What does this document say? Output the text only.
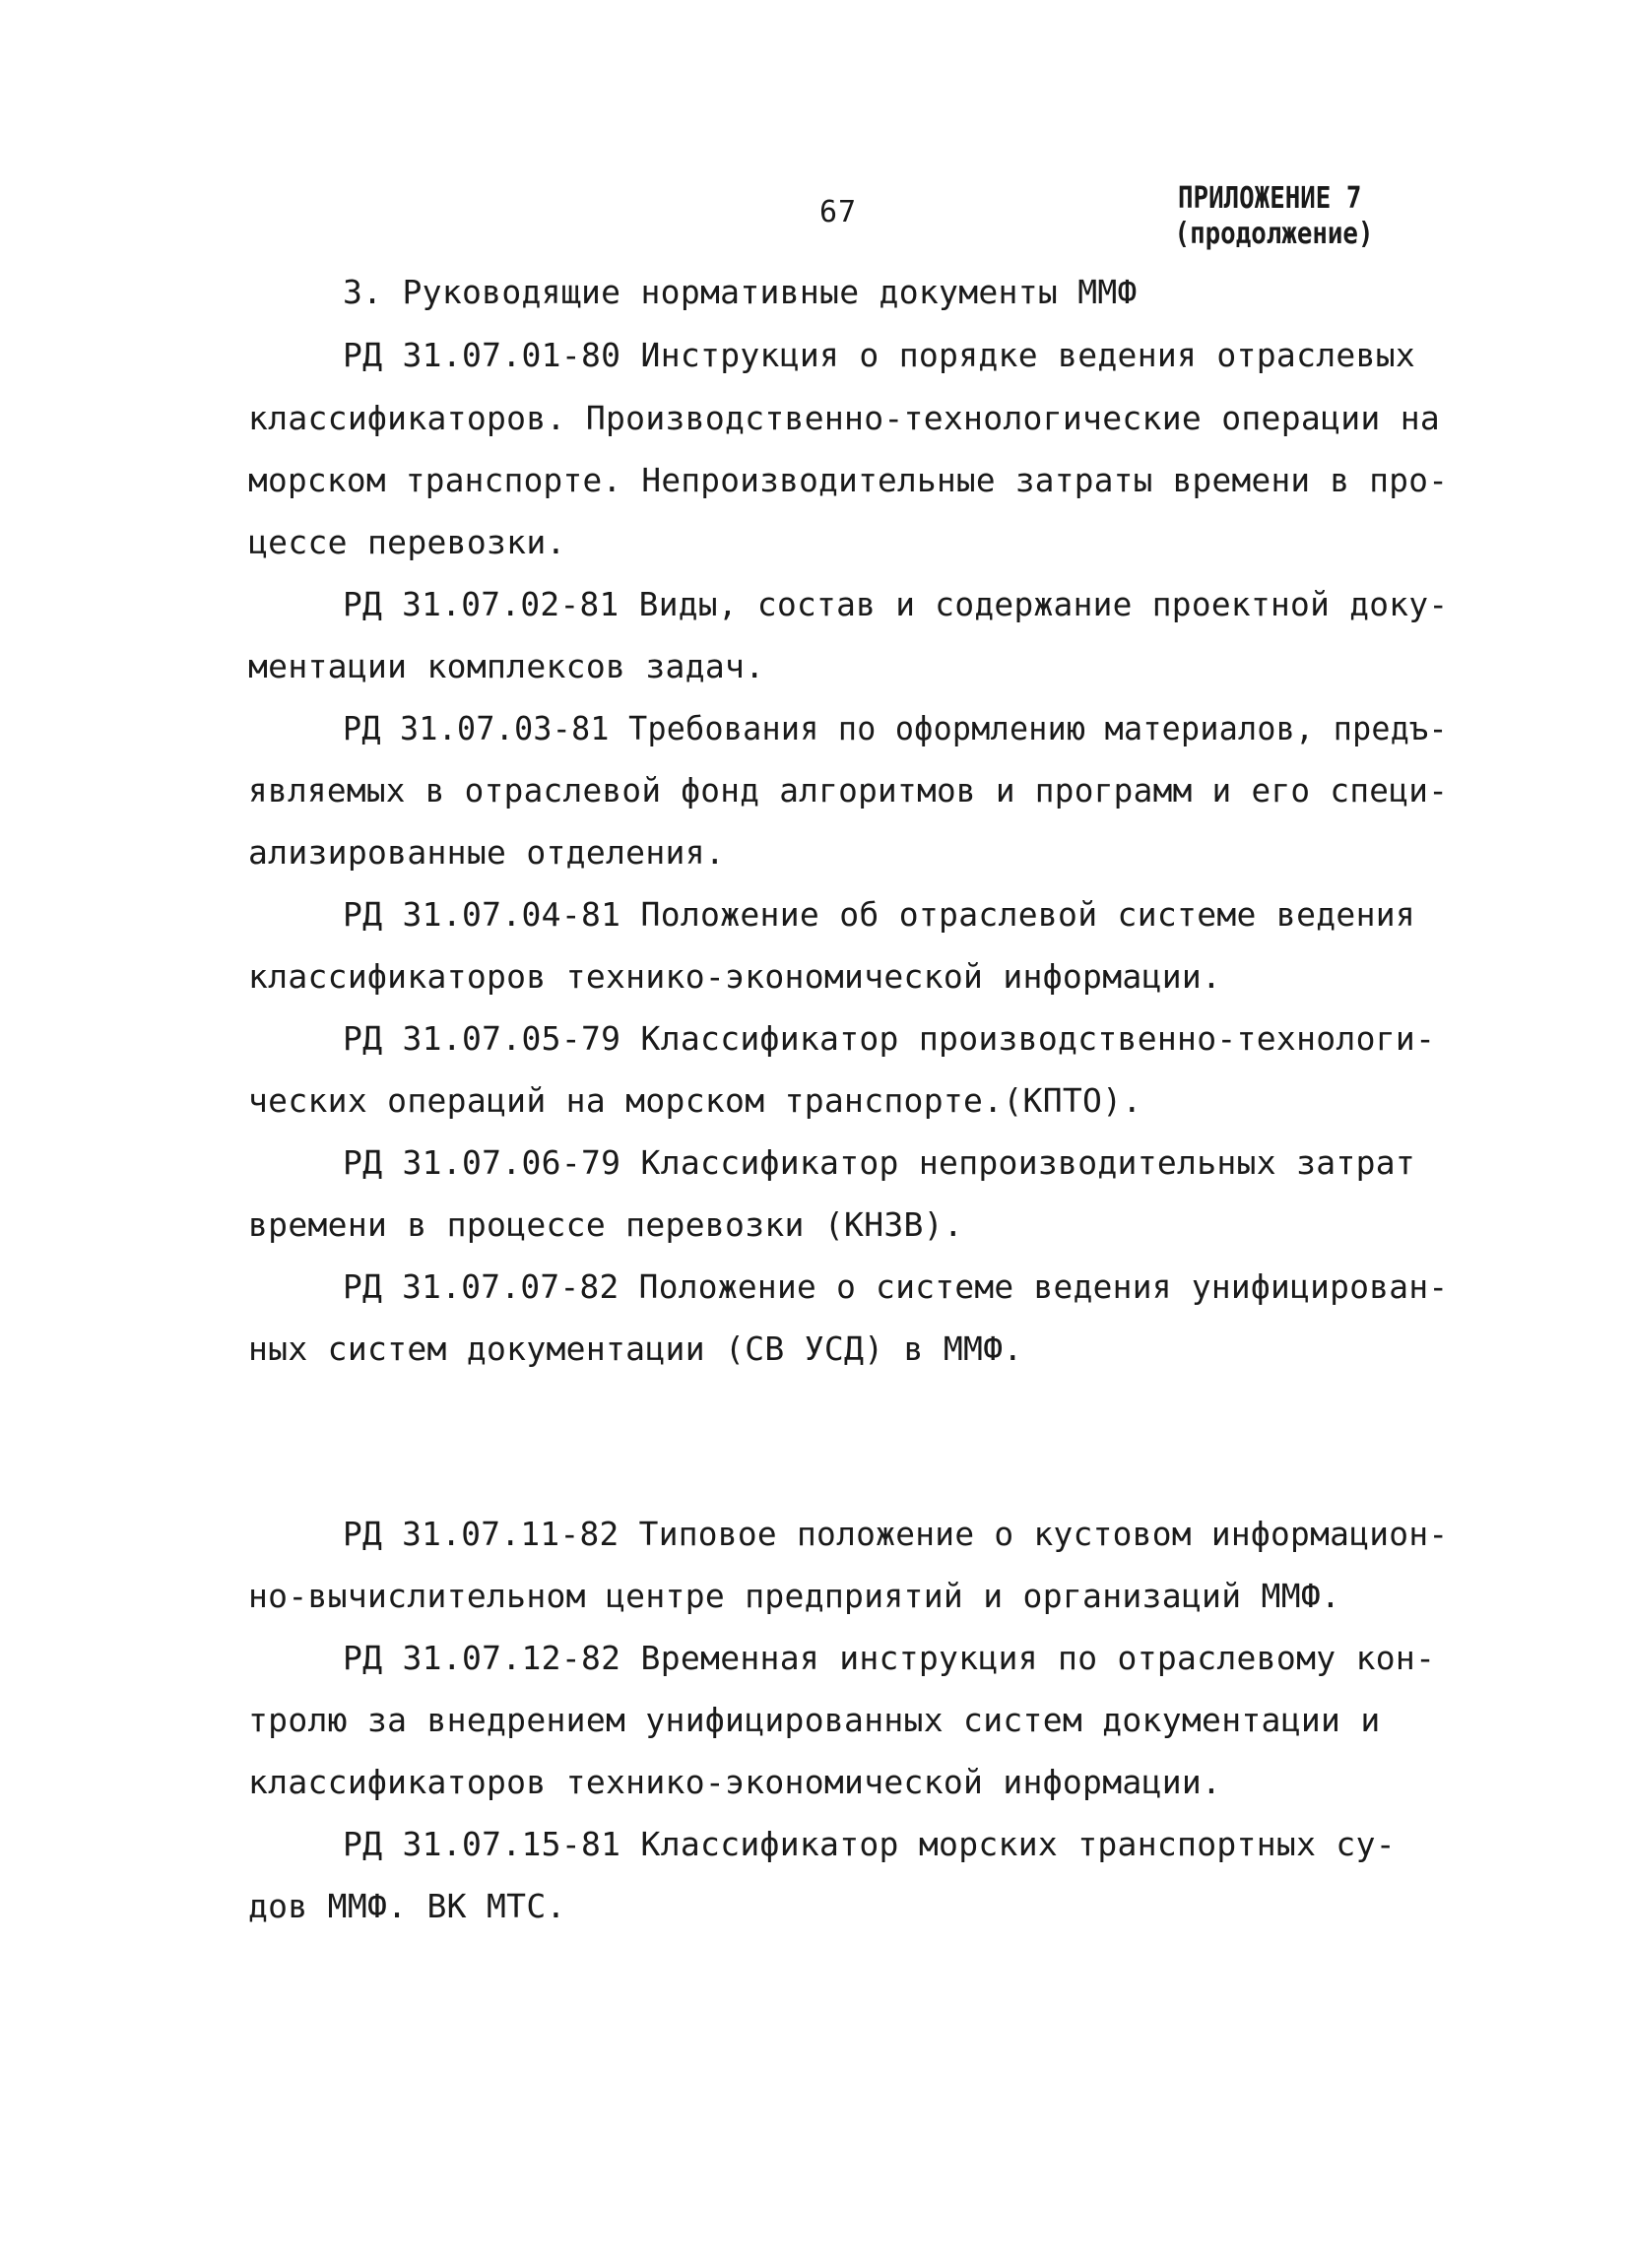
67	ПРИЛОЖЕНИЕ 7
(продолжение)
3. Руководящие нормативные документы ММФ
РД 31.07.01-80 Инструкция о порядке ведения отраслевых
классификаторов. Производственно-технологические операции на
морском транспорте. Непроизводительные затраты времени в про-
цессе перевозки.
РД 31.07.02-81 Виды, состав и содержание проектной доку-
ментации комплексов задач.
РД 31.07.03-81 Требования по оформлению материалов, предъ-
являемых в отраслевой фонд алгоритмов и программ и его специ-
ализированные отделения.
РД 31.07.04-81 Положение об отраслевой системе ведения
классификаторов технико-экономической информации.
РД 31.07.05-79 Классификатор производственно-технологи-
ческих операций на морском транспорте.(КПТО).
РД 31.07.06-79 Классификатор непроизводительных затрат
времени в процессе перевозки (КНЗВ).
РД 31.07.07-82 Положение о системе ведения унифицирован-
ных систем документации (СВ УСД) в ММФ.
РД 31.07.11-82 Типовое положение о кустовом информацион-
но-вычислительном центре предприятий и организаций ММФ.
РД 31.07.12-82 Временная инструкция по отраслевому кон-
тролю за внедрением унифицированных систем документации и
классификаторов технико-экономической информации.
РД 31.07.15-81 Классификатор морских транспортных су-
дов ММФ. ВК МТС.
